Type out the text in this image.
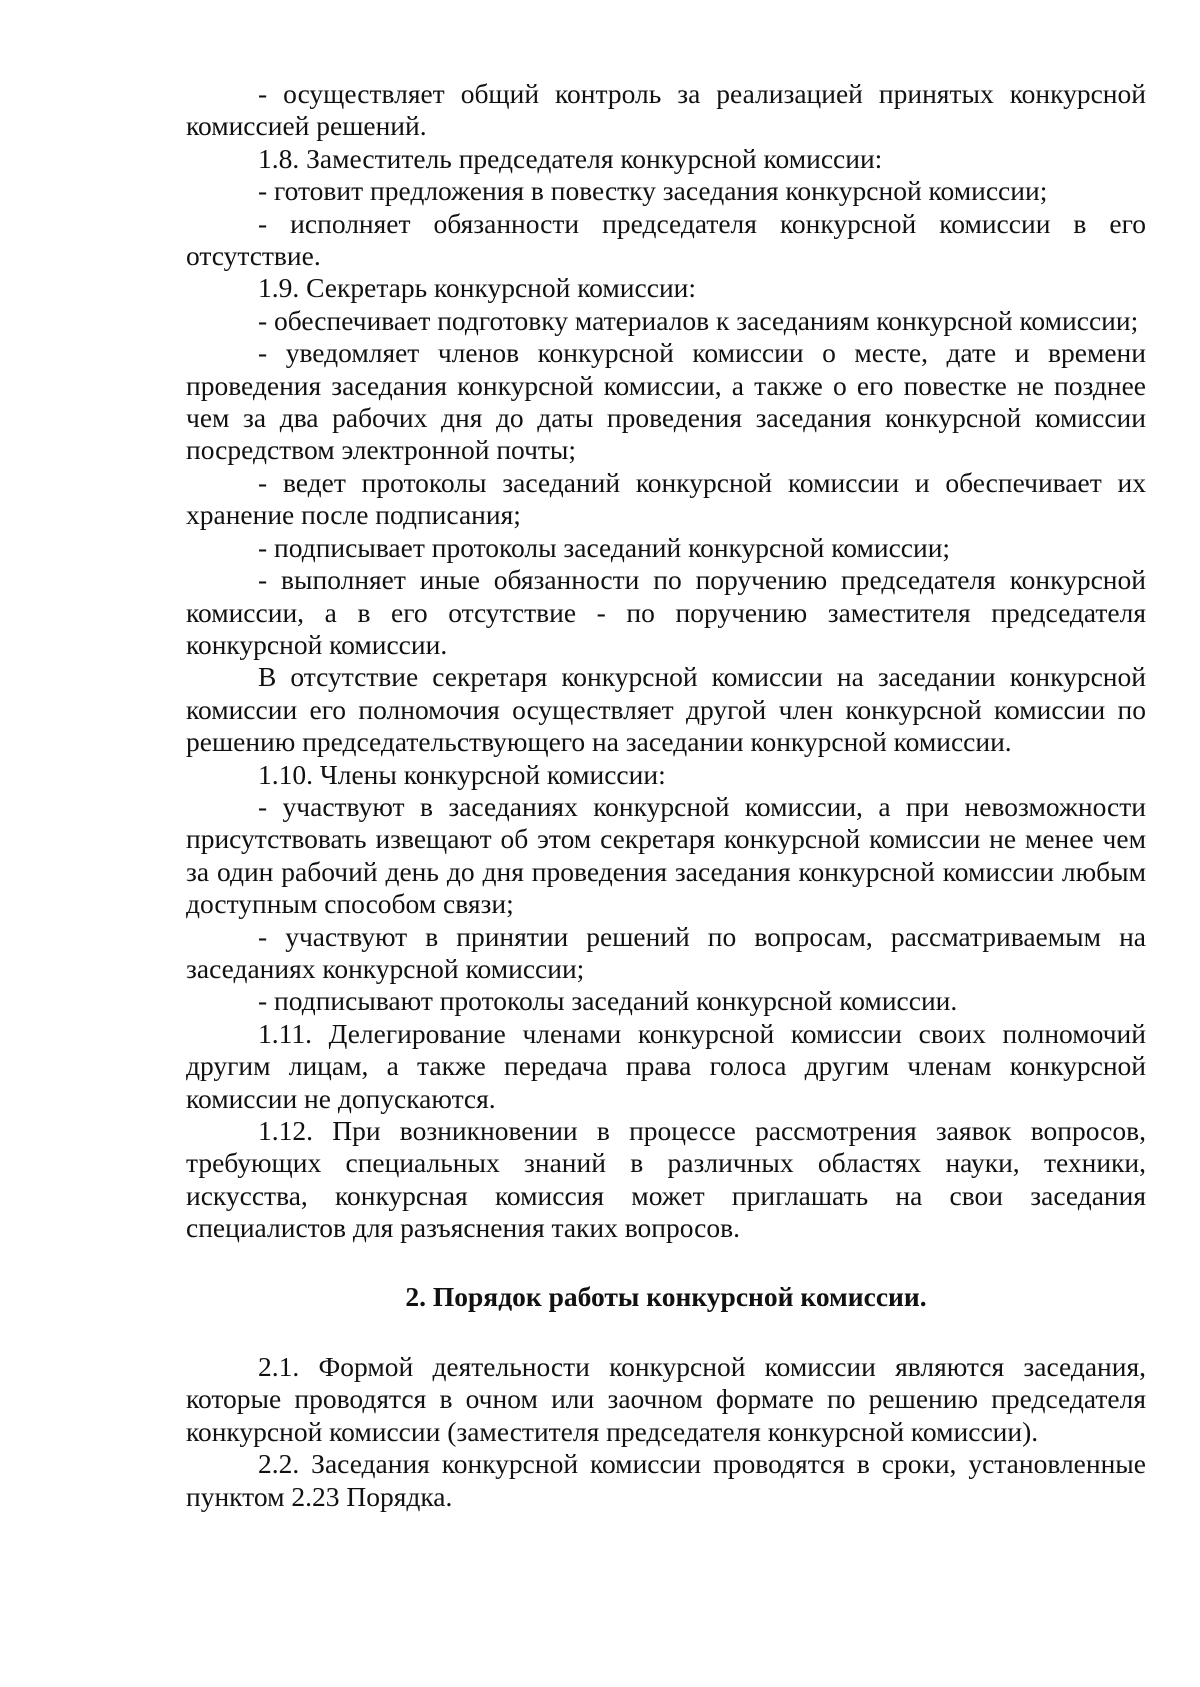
- осуществляет общий контроль за реализацией принятых конкурсной комиссией решений.

1.8. Заместитель председателя конкурсной комиссии:

- готовит предложения в повестку заседания конкурсной комиссии;

- исполняет обязанности председателя конкурсной комиссии в его отсутствие.

1.9. Секретарь конкурсной комиссии:

- обеспечивает подготовку материалов к заседаниям конкурсной комиссии;

- уведомляет членов конкурсной комиссии о месте, дате и времени проведения заседания конкурсной комиссии, а также о его повестке не позднее чем за два рабочих дня до даты проведения заседания конкурсной комиссии посредством электронной почты;

- ведет протоколы заседаний конкурсной комиссии и обеспечивает их хранение после подписания;

- подписывает протоколы заседаний конкурсной комиссии;

- выполняет иные обязанности по поручению председателя конкурсной комиссии, а в его отсутствие - по поручению заместителя председателя конкурсной комиссии.

В отсутствие секретаря конкурсной комиссии на заседании конкурсной комиссии его полномочия осуществляет другой член конкурсной комиссии по решению председательствующего на заседании конкурсной комиссии.

1.10. Члены конкурсной комиссии:

- участвуют в заседаниях конкурсной комиссии, а при невозможности присутствовать извещают об этом секретаря конкурсной комиссии не менее чем за один рабочий день до дня проведения заседания конкурсной комиссии любым доступным способом связи;

- участвуют в принятии решений по вопросам, рассматриваемым на заседаниях конкурсной комиссии;

- подписывают протоколы заседаний конкурсной комиссии.

1.11. Делегирование членами конкурсной комиссии своих полномочий другим лицам, а также передача права голоса другим членам конкурсной комиссии не допускаются.

1.12. При возникновении в процессе рассмотрения заявок вопросов, требующих специальных знаний в различных областях науки, техники, искусства, конкурсная комиссия может приглашать на свои заседания специалистов для разъяснения таких вопросов.

2. Порядок работы конкурсной комиссии.

2.1. Формой деятельности конкурсной комиссии являются заседания, которые проводятся в очном или заочном формате по решению председателя конкурсной комиссии (заместителя председателя конкурсной комиссии).

2.2. Заседания конкурсной комиссии проводятся в сроки, установленные пунктом 2.23 Порядка.
